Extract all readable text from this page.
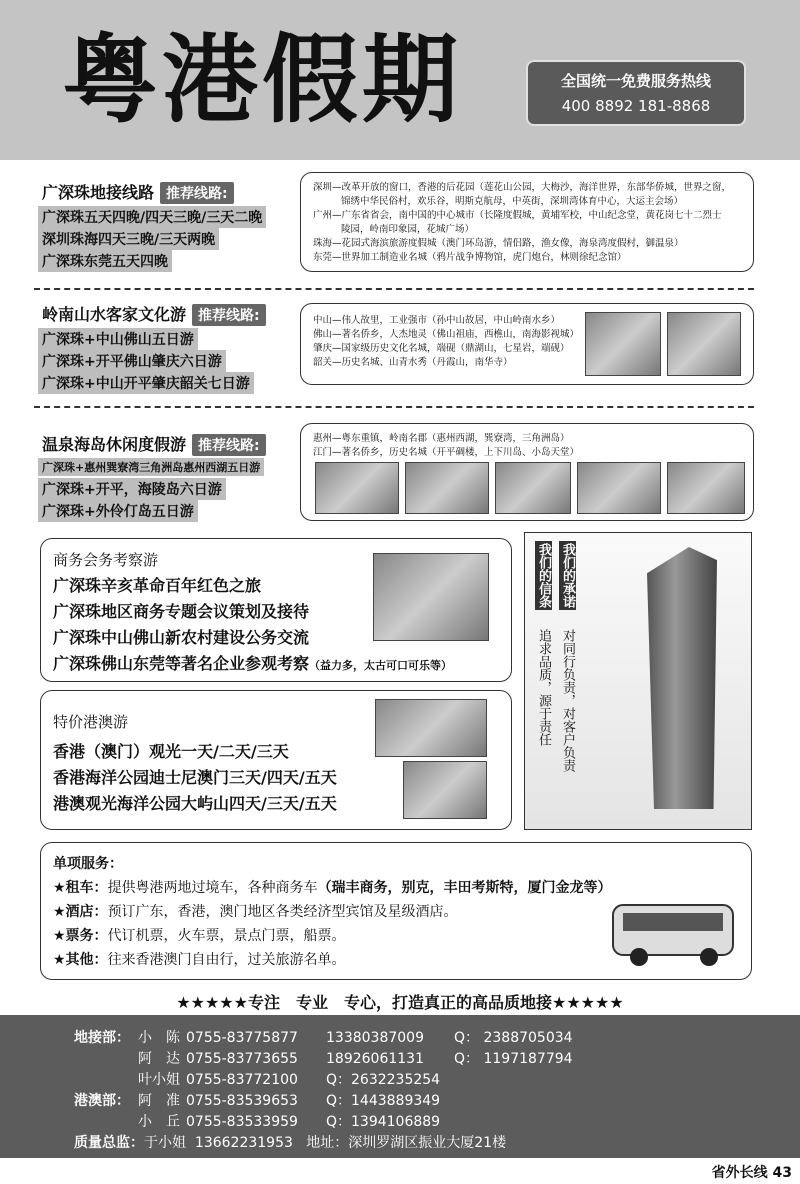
粤港假期	全国统一免费服务热线
400 8892 181-8868
广深珠地接线路 推荐线路:
广深珠五天四晚/四天三晚/三天二晚
深圳珠海四天三晚/三天两晚
广深珠东莞五天四晚
深圳—改革开放的窗口，香港的后花园（莲花山公园，大梅沙，海洋世界，东部华侨城，世界之窗，
锦绣中华民俗村，欢乐谷，明斯克航母，中英街，深圳湾体育中心，大运主会场）
广州—广东省省会，南中国的中心城市（长隆度假城，黄埔军校，中山纪念堂，黄花岗七十二烈士
陵园，岭南印象园，花城广场）
珠海—花园式海滨旅游度假城（澳门环岛游，情侣路，渔女像，海泉湾度假村，御温泉）
东莞—世界加工制造业名城（鸦片战争博物馆，虎门炮台，林则徐纪念馆）
岭南山水客家文化游 推荐线路:
广深珠+中山佛山五日游
广深珠+开平佛山肇庆六日游
广深珠+中山开平肇庆韶关七日游
中山—伟人故里，工业强市（孙中山故居，中山岭南水乡）
佛山—著名侨乡，人杰地灵（佛山祖庙，西樵山，南海影视城）
肇庆—国家级历史文化名城，端砚（鼎湖山，七星岩，端砚）
韶关—历史名城、山青水秀（丹霞山，南华寺）
温泉海岛休闲度假游 推荐线路:
广深珠+惠州巽寮湾三角洲岛惠州西湖五日游
广深珠+开平，海陵岛六日游
广深珠+外伶仃岛五日游
惠州—粤东重镇，岭南名郡（惠州西湖，巽寮湾，三角洲岛）
江门—著名侨乡，历史名城（开平碉楼，上下川岛、小岛天堂）
商务会务考察游
广深珠辛亥革命百年红色之旅
广深珠地区商务专题会议策划及接待
广深珠中山佛山新农村建设公务交流
广深珠佛山东莞等著名企业参观考察（益力多，太古可口可乐等）
特价港澳游
香港（澳门）观光一天/二天/三天
香港海洋公园迪士尼澳门三天/四天/五天
港澳观光海洋公园大屿山四天/三天/五天
我们的承诺
对同行负责，对客户负责
我们的信条
追求品质，源于责任
单项服务：
★租车：提供粤港两地过境车，各种商务车（瑞丰商务，别克，丰田考斯特，厦门金龙等）
★酒店：预订广东，香港，澳门地区各类经济型宾馆及星级酒店。
★票务：代订机票，火车票，景点门票，船票。
★其他：往来香港澳门自由行，过关旅游名单。
★★★★★专注　专业　专心，打造真正的高品质地接★★★★★
地接部： 小　陈 0755-83775877 13380387009 Q： 2388705034
阿　达 0755-83773655 18926061131 Q： 1197187794
叶小姐 0755-83772100 Q：2632235254
港澳部： 阿　准 0755-83539653 Q：1443889349
小　丘 0755-83533959 Q：1394106889
质量总监：于小姐 13662231953 地址：深圳罗湖区振业大厦21楼
省外长线 43
